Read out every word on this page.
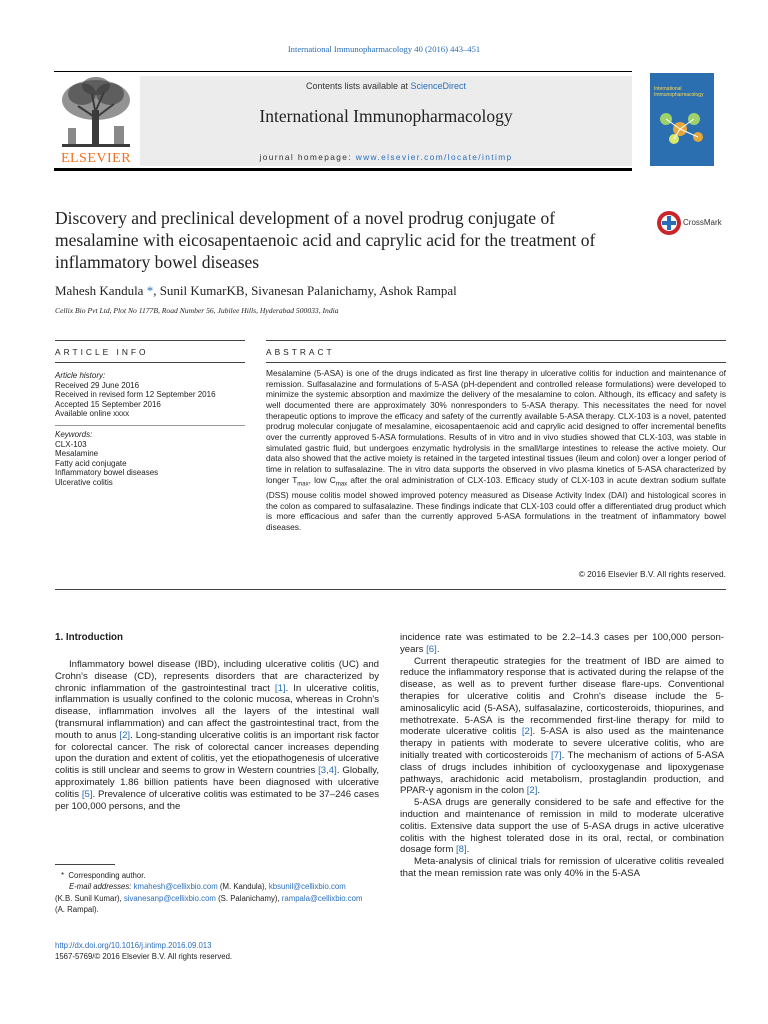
International Immunopharmacology 40 (2016) 443–451
ELSEVIER
Contents lists available at ScienceDirect
International Immunopharmacology
journal homepage: www.elsevier.com/locate/intimp
International
Immunopharmacology
Discovery and preclinical development of a novel prodrug conjugate of mesalamine with eicosapentaenoic acid and caprylic acid for the treatment of inflammatory bowel diseases
CrossMark
Mahesh Kandula *, Sunil KumarKB, Sivanesan Palanichamy, Ashok Rampal
Cellix Bio Pvt Ltd, Plot No 1177B, Road Number 56, Jubilee Hills, Hyderabad 500033, India
ARTICLE INFO
Article history:
Received 29 June 2016
Received in revised form 12 September 2016
Accepted 15 September 2016
Available online xxxx
Keywords:
CLX-103
Mesalamine
Fatty acid conjugate
Inflammatory bowel diseases
Ulcerative colitis
ABSTRACT
Mesalamine (5-ASA) is one of the drugs indicated as first line therapy in ulcerative colitis for induction and maintenance of remission. Sulfasalazine and formulations of 5-ASA (pH-dependent and controlled release formulations) were developed to minimize the systemic absorption and maximize the delivery of the mesalamine to colon. Although, its efficacy and safety is well documented there are approximately 30% nonresponders to 5-ASA therapy. This necessitates the need for novel therapeutic options to improve the efficacy and safety of the currently available 5-ASA therapy. CLX-103 is a novel, patented prodrug molecular conjugate of mesalamine, eicosapentaenoic acid and caprylic acid designed to offer incremental benefits over the currently approved 5-ASA formulations. Results of in vitro and in vivo studies showed that CLX-103, was stable in simulated gastric fluid, but undergoes enzymatic hydrolysis in the small/large intestines to release the active moiety. Our data also showed that the active moiety is retained in the targeted intestinal tissues (ileum and colon) over a longer period of time in relation to sulfasalazine. The in vitro data supports the observed in vivo plasma kinetics of 5-ASA characterized by longer $T_{max}$, low $C_{max}$ after the oral administration of CLX-103. Efficacy study of CLX-103 in acute dextran sodium sulfate (DSS) mouse colitis model showed improved potency measured as Disease Activity Index (DAI) and histological scores in the colon as compared to sulfasalazine. These findings indicate that CLX-103 could offer a differentiated drug product which is more efficacious and safer than the currently approved 5-ASA formulations in the treatment of inflammatory bowel diseases.
© 2016 Elsevier B.V. All rights reserved.
1. Introduction

Inflammatory bowel disease (IBD), including ulcerative colitis (UC) and Crohn's disease (CD), represents disorders that are characterized by chronic inflammation of the gastrointestinal tract [1]. In ulcerative colitis, inflammation is usually confined to the colonic mucosa, whereas in Crohn's disease, inflammation involves all the layers of the intestinal wall (transmural inflammation) and can affect the gastrointestinal tract, from the mouth to anus [2]. Long-standing ulcerative colitis is an important risk factor for colorectal cancer. The risk of colorectal cancer increases depending upon the duration and extent of colitis, yet the etiopathogenesis of ulcerative colitis is still unclear and seems to grow in Western countries [3,4]. Globally, approximately 1.86 billion patients have been diagnosed with ulcerative colitis [5]. Prevalence of ulcerative colitis was estimated to be 37–246 cases per 100,000 persons, and the

incidence rate was estimated to be 2.2–14.3 cases per 100,000 person-years [6].

Current therapeutic strategies for the treatment of IBD are aimed to reduce the inflammatory response that is activated during the relapse of the disease, as well as to prevent further disease flare-ups. Conventional therapies for ulcerative colitis and Crohn's disease include the 5-aminosalicylic acid (5-ASA), sulfasalazine, corticosteroids, thiopurines, and methotrexate. 5-ASA is the recommended first-line therapy for mild to moderate ulcerative colitis [2]. 5-ASA is also used as the maintenance therapy in patients with moderate to severe ulcerative colitis, who are initially treated with corticosteroids [7]. The mechanism of actions of 5-ASA class of drugs includes inhibition of cyclooxygenase and lipoxygenase pathways, arachidonic acid metabolism, prostaglandin production, and PPAR-γ agonism in the colon [2].

5-ASA drugs are generally considered to be safe and effective for the induction and maintenance of remission in mild to moderate ulcerative colitis. Extensive data support the use of 5-ASA drugs in active ulcerative colitis with the highest tolerated dose in its oral, rectal, or combination dosage form [8].

Meta-analysis of clinical trials for remission of ulcerative colitis revealed that the mean remission rate was only 40% in the 5-ASA

* Corresponding author.
E-mail addresses: kmahesh@cellixbio.com (M. Kandula), kbsunil@cellixbio.com
(K.B. Sunil Kumar), sivanesanp@cellixbio.com (S. Palanichamy), rampala@cellixbio.com
(A. Rampal).
http://dx.doi.org/10.1016/j.intimp.2016.09.013
1567-5769/© 2016 Elsevier B.V. All rights reserved.
